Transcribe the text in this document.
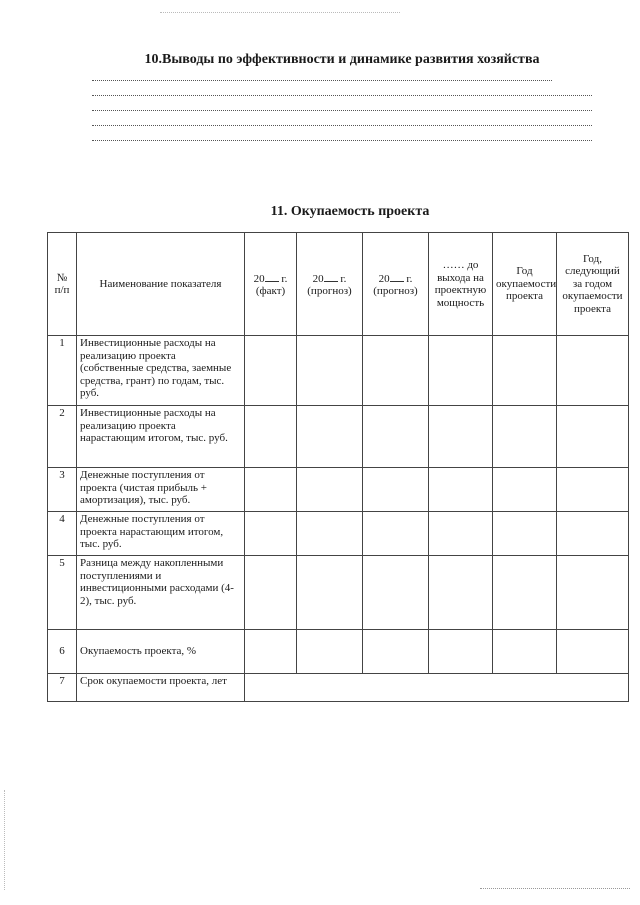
10.Выводы по эффективности и динамике развития хозяйства
11. Окупаемость проекта
№ п/п	Наименование показателя	20 г. (факт)	20 г. (прогноз)	20 г. (прогноз)	…… до выхода на проектную мощность	Год окупаемости проекта	Год, следующий за годом окупаемости проекта
1	Инвестиционные расходы на реализацию проекта (собственные средства, заемные средства, грант) по годам, тыс. руб.						
2	Инвестиционные расходы на реализацию проекта нарастающим итогом, тыс. руб.						
3	Денежные поступления от проекта (чистая прибыль + амортизация), тыс. руб.						
4	Денежные поступления от проекта нарастающим итогом, тыс. руб.						
5	Разница между накопленными поступлениями и инвестиционными расходами (4-2), тыс. руб.						
6	Окупаемость проекта, %						
7	Срок окупаемости проекта, лет						
